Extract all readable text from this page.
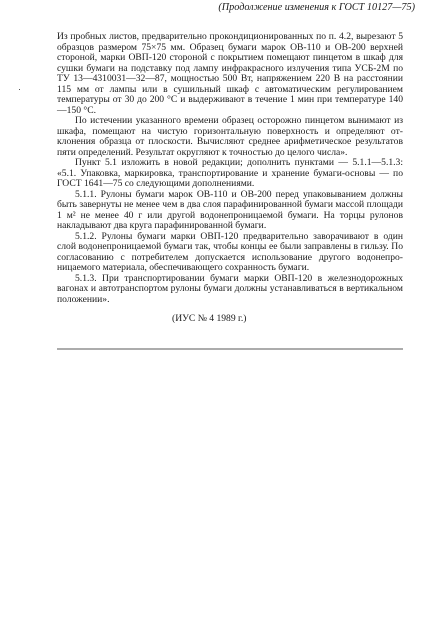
(Продолжение изменения к ГОСТ 10127—75)

Из пробных листов, предварительно прокондиционированных по п. 4.2, вырезают 5 образцов размером 75×75 мм. Образец бумаги марок ОВ-110 и ОВ-200 верхней стороной, марки ОВП-120 стороной с покрытием помещают пинцетом в шкаф для сушки бумаги на подставку под лампу инфракрасного излучения типа УСБ-2М по ТУ 13—4310031—32—87, мощностью 500 Вт, напряжением 220 В на расстоянии 115 мм от лампы или в сушильный шкаф с автоматическим регулированием температуры от 30 до 200 °С и выдерживают в течение 1 мин при температуре 140—150 °С.

По истечении указанного времени образец осторожно пинцетом вынимают из шкафа, помещают на чистую горизонтальную поверхность и определяют отклонения образца от плоскости. Вычисляют среднее арифметическое результатов пяти определений. Результат округляют к точностью до целого числа».

Пункт 5.1 изложить в новой редакции; дополнить пунктами — 5.1.1—5.1.3: «5.1. Упаковка, маркировка, транспортирование и хранение бумаги-основы — по ГОСТ 1641—75 со следующими дополнениями.

5.1.1. Рулоны бумаги марок ОВ-110 и ОВ-200 перед упаковыванием должны быть завернуты не менее чем в два слоя парафинированной бумаги массой площади 1 м² не менее 40 г или другой водонепроницаемой бумаги. На торцы рулонов накладывают два круга парафинированной бумаги.

5.1.2. Рулоны бумаги марки ОВП-120 предварительно заворачивают в один слой водонепроницаемой бумаги так, чтобы концы ее были заправлены в гильзу. По согласованию с потребителем допускается использование другого водонепроницаемого материала, обеспечивающего сохранность бумаги.

5.1.3. При транспортировании бумаги марки ОВП-120 в железнодорожных вагонах и автотранспортом рулоны бумаги должны устанавливаться в вертикальном положении».

(ИУС № 4 1989 г.)
